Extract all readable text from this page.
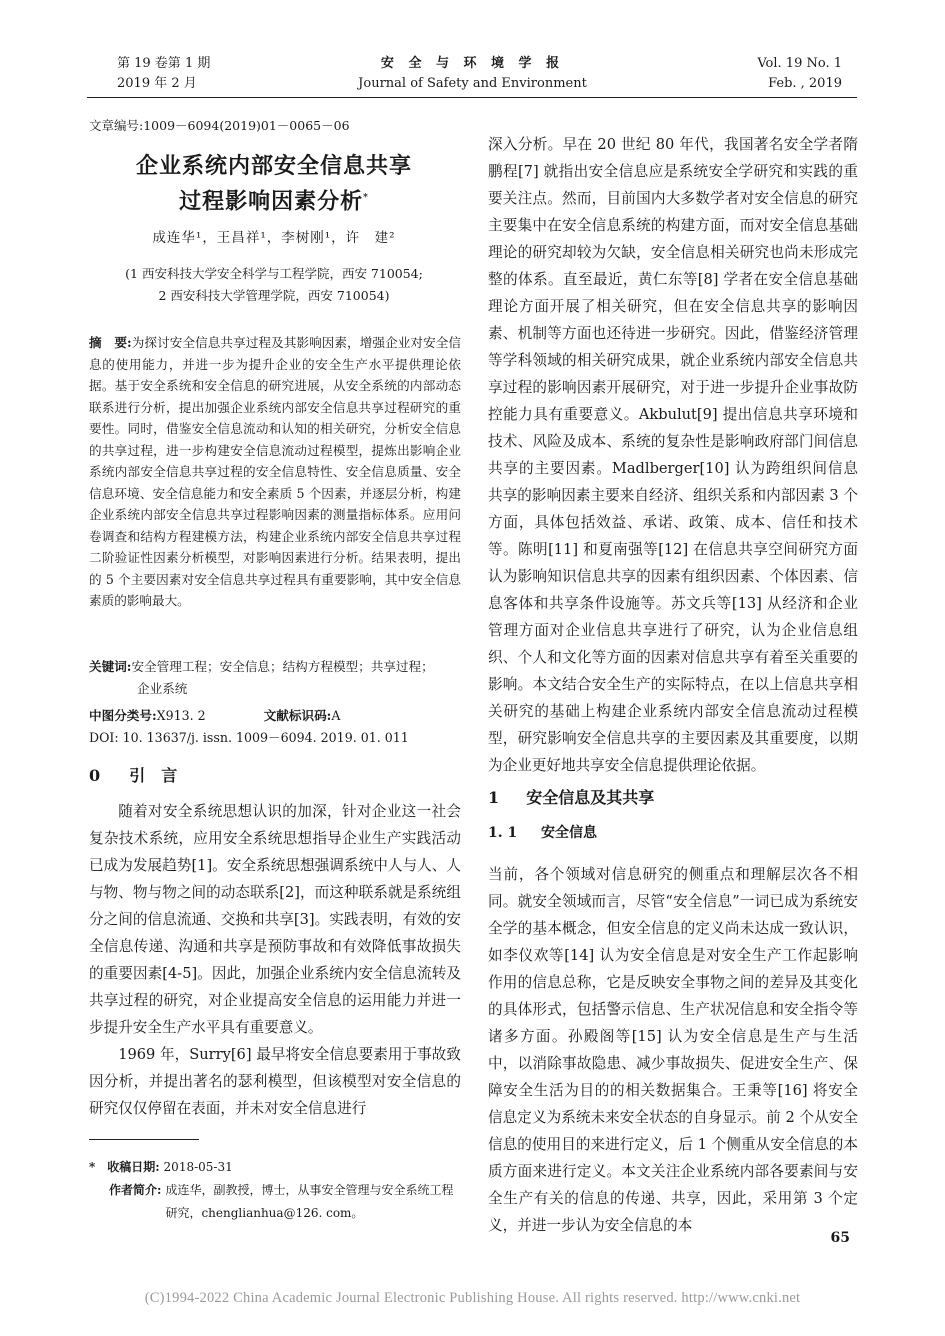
第 19 卷第 1 期
2019 年 2 月
安 全 与 环 境 学 报
Journal of Safety and Environment
Vol. 19 No. 1
Feb. , 2019
文章编号:1009－6094(2019)01－0065－06
企业系统内部安全信息共享
过程影响因素分析*
成连华¹，王昌祥¹，李树刚¹，许　建²
(1 西安科技大学安全科学与工程学院，西安 710054;
2 西安科技大学管理学院，西安 710054)
摘　要:为探讨安全信息共享过程及其影响因素，增强企业对安全信息的使用能力，并进一步为提升企业的安全生产水平提供理论依据。基于安全系统和安全信息的研究进展，从安全系统的内部动态联系进行分析，提出加强企业系统内部安全信息共享过程研究的重要性。同时，借鉴安全信息流动和认知的相关研究，分析安全信息的共享过程，进一步构建安全信息流动过程模型，提炼出影响企业系统内部安全信息共享过程的安全信息特性、安全信息质量、安全信息环境、安全信息能力和安全素质 5 个因素，并逐层分析，构建企业系统内部安全信息共享过程影响因素的测量指标体系。应用问卷调查和结构方程建模方法，构建企业系统内部安全信息共享过程二阶验证性因素分析模型，对影响因素进行分析。结果表明，提出的 5 个主要因素对安全信息共享过程具有重要影响，其中安全信息素质的影响最大。
关键词:安全管理工程；安全信息；结构方程模型；共享过程；
企业系统
中图分类号:X913. 2	文献标识码:A
DOI: 10. 13637/j. issn. 1009－6094. 2019. 01. 011
0 引　言

随着对安全系统思想认识的加深，针对企业这一社会复杂技术系统，应用安全系统思想指导企业生产实践活动已成为发展趋势[1]。安全系统思想强调系统中人与人、人与物、物与物之间的动态联系[2]，而这种联系就是系统组分之间的信息流通、交换和共享[3]。实践表明，有效的安全信息传递、沟通和共享是预防事故和有效降低事故损失的重要因素[4-5]。因此，加强企业系统内安全信息流转及共享过程的研究，对企业提高安全信息的运用能力并进一步提升安全生产水平具有重要意义。

1969 年，Surry[6] 最早将安全信息要素用于事故致因分析，并提出著名的瑟利模型，但该模型对安全信息的研究仅仅停留在表面，并未对安全信息进行

*　收稿日期: 2018-05-31
作者简介: 成连华，副教授，博士，从事安全管理与安全系统工程研究，chenglianhua@126. com。

深入分析。早在 20 世纪 80 年代，我国著名安全学者隋鹏程[7] 就指出安全信息应是系统安全学研究和实践的重要关注点。然而，目前国内大多数学者对安全信息的研究主要集中在安全信息系统的构建方面，而对安全信息基础理论的研究却较为欠缺，安全信息相关研究也尚未形成完整的体系。直至最近，黄仁东等[8] 学者在安全信息基础理论方面开展了相关研究，但在安全信息共享的影响因素、机制等方面也还待进一步研究。因此，借鉴经济管理等学科领域的相关研究成果，就企业系统内部安全信息共享过程的影响因素开展研究，对于进一步提升企业事故防控能力具有重要意义。Akbulut[9] 提出信息共享环境和技术、风险及成本、系统的复杂性是影响政府部门间信息共享的主要因素。Madlberger[10] 认为跨组织间信息共享的影响因素主要来自经济、组织关系和内部因素 3 个方面，具体包括效益、承诺、政策、成本、信任和技术等。陈明[11] 和夏南强等[12] 在信息共享空间研究方面认为影响知识信息共享的因素有组织因素、个体因素、信息客体和共享条件设施等。苏文兵等[13] 从经济和企业管理方面对企业信息共享进行了研究，认为企业信息组织、个人和文化等方面的因素对信息共享有着至关重要的影响。本文结合安全生产的实际特点，在以上信息共享相关研究的基础上构建企业系统内部安全信息流动过程模型，研究影响安全信息共享的主要因素及其重要度，以期为企业更好地共享安全信息提供理论依据。

1 安全信息及其共享
1. 1 安全信息

当前，各个领域对信息研究的侧重点和理解层次各不相同。就安全领域而言，尽管“安全信息”一词已成为系统安全学的基本概念，但安全信息的定义尚未达成一致认识，如李仪欢等[14] 认为安全信息是对安全生产工作起影响作用的信息总称，它是反映安全事物之间的差异及其变化的具体形式，包括警示信息、生产状况信息和安全指令等诸多方面。孙殿阁等[15] 认为安全信息是生产与生活中，以消除事故隐患、减少事故损失、促进安全生产、保障安全生活为目的的相关数据集合。王秉等[16] 将安全信息定义为系统未来安全状态的自身显示。前 2 个从安全信息的使用目的来进行定义，后 1 个侧重从安全信息的本质方面来进行定义。本文关注企业系统内部各要素间与安全生产有关的信息的传递、共享，因此，采用第 3 个定义，并进一步认为安全信息的本

65
(C)1994-2022 China Academic Journal Electronic Publishing House. All rights reserved. http://www.cnki.net
